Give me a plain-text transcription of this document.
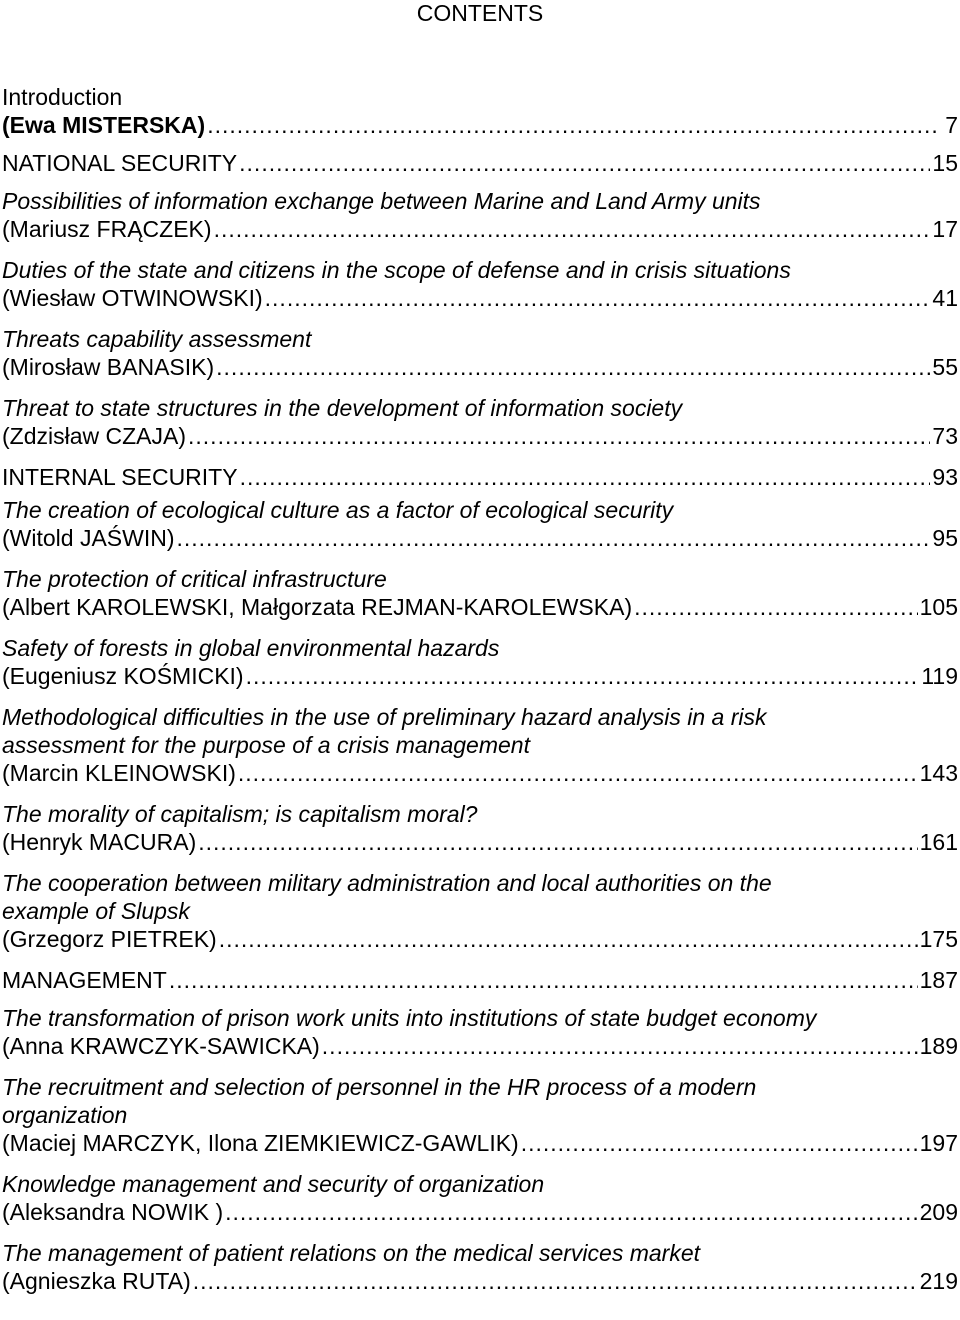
CONTENTS
Introduction
(Ewa MISTERSKA) .....	7
NATIONAL SECURITY .....	15
Possibilities of information exchange between Marine and Land Army units
(Mariusz FRĄCZEK) .....	17
Duties of the state and citizens in the scope of defense and in crisis situations
(Wiesław OTWINOWSKI) .....	41
Threats capability assessment
(Mirosław BANASIK) .....	55
Threat to state structures in the development of information society
(Zdzisław CZAJA) .....	73
INTERNAL SECURITY .....	93
The creation of ecological culture as a factor of ecological security
(Witold JAŚWIN) .....	95
The protection of critical infrastructure
(Albert KAROLEWSKI, Małgorzata REJMAN-KAROLEWSKA) .....	105
Safety of forests in global environmental hazards
(Eugeniusz KOŚMICKI) .....	119
Methodological difficulties in the use of preliminary hazard analysis in a risk
assessment for the purpose of a crisis management
(Marcin KLEINOWSKI) .....	143
The morality of capitalism; is capitalism moral?
(Henryk MACURA) .....	161
The cooperation between military administration and local authorities on the
example of Slupsk
(Grzegorz PIETREK) .....	175
MANAGEMENT .....	187
The transformation of prison work units into institutions of state budget economy
(Anna KRAWCZYK-SAWICKA) .....	189
The recruitment and selection of personnel in the HR process of a modern
organization
(Maciej MARCZYK, Ilona ZIEMKIEWICZ-GAWLIK) .....	197
Knowledge management and security of organization
(Aleksandra NOWIK ) .....	209
The management of patient relations on the medical services market
(Agnieszka RUTA) .....	219
